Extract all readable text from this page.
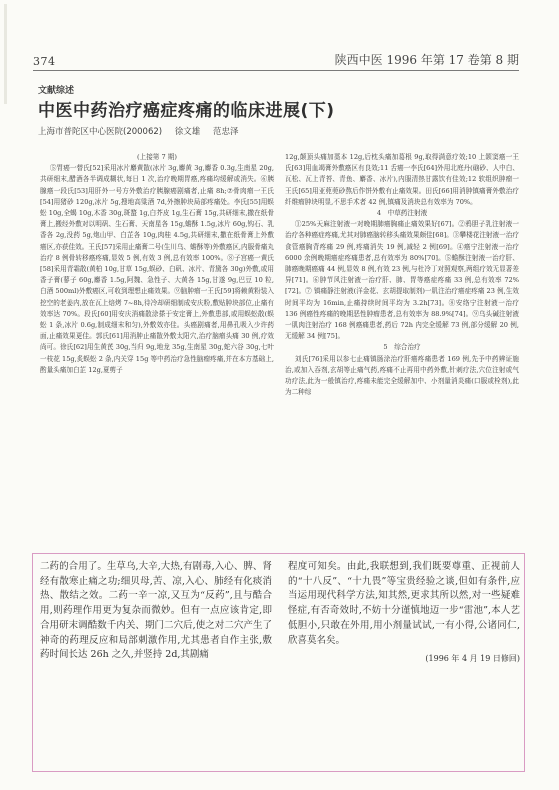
374	陕西中医 1996 年第 17 卷第 8 期
文献综述
中医中药治疗癌症疼痛的临床进展(下)
上海市普陀区中心医院(200062) 徐文雄 范忠泽

(上接第 7 期)

⑤胃癌一替氏[52]采用冰片麝黄散(冰片 3g,麝黄 3g,麝香 0.3g,生南星 20g,共研细末,醋酒各半调成糊状,每日 1 次,治疗晚期胃癌,疼痛均缓解或消失。⑥胰腺癌一段氏[53]用肝外一号方外敷治疗胰腺癌剧痛者,止痛 8h;⑦骨肉瘤一王氏[54]用猪砂 120g,冰片 5g,搜地高粱酒 7d,外擦肿块局部疼痛处。李氏[55]用蜈蚣 10g,全蝎 10g,木香 30g,斑蝥 1g,白芥皮 1g,生石膏 15g,共研细末,撒在纸骨膏上,搬经外敷对以明矾、生石膏、天南星各 15g,蟾酥 1.5g,冰片 60g,钩石、乳香各 2g,没药 5g,炮山甲、白芷各 10g,肉桂 4.5g,共研细末,撒在纸骨膏上外敷癌区,亦获佳效。王氏[57]采用止痛膏二号(生川乌、蟾酥等)外敷癌区,内服骨痛丸治疗 8 例骨转移癌疼痛,显效 5 例,有效 3 例,总有效率 100%。⑧子宫癌一黄氏[58]采用青霜散(黄柏 10g,甘草 15g,蜈砂、白矾、冰片、青黛各 30g)外敷,或用香子膏(蓼子 60g,麝香 1.5g,阿魏、急性子、大黄各 15g,甘遂 9g,巴豆 10 粒,白酒 500ml)外敷癌区,可收到理想止痛效果。⑨脑肿瘤一王氏[59]将赖黄粉装入挖空的老姜内,放在瓦上焙烤 7~8h,待冷却研细制成安庆粉,敷贴肿块部位,止痛有效率达 70%。段氏[60]用安庆消痛散涂搽于安定膏上,外敷患部,或用蜈蚣散(蜈蚣 1 条,冰片 0.6g,制成细末和匀),外敷效亦佳。头癌剧痛者,用鼻孔吸入少许药面,止痛效果更佳。郭氏[61]用消肿止痛散外敷太阳穴,治疗脑瘤头痛 30 例,疗效尚可。徐氏[62]用生黄芪 30g,当归 9g,地龙 35g,生南星 30g,蛇六谷 30g,七叶一枝花 15g,炙蜈蚣 2 条,内关穿 15g 等中药治疗急性脑瘤疼痛,并在本方基础上,酌量头痛加白芷 12g,夏剪子

12g,颠顶头痛加藁本 12g,后枕头痛加葛根 9g,取得满意疗效;10 上颌窦癌一王氏[63]用血竭膏外敷癌区有良效;11 舌癌一李氏[64]外用北庭丹(硇砂、人中白、瓦松、瓦上青苔、青鱼、麝香、冰片),内服清热甘露饮有佳效;12 软组织肿瘤一王氏[65]用亚蔸蔸砂熬后作饼外敷有止痛效果。田氏[66]用消肿镇痛膏外敷治疗纤维瘤肿块明显,不思手术者 42 例,镇痛及消块总有效率为 70%。

4　中草药注射液

①25%天麻注射液一对晚期肺癌胸痛止痛效果好[67]。②鸦胆子乳注射液一治疗各种癌症疼痛,尤其对肺癌脑转移头痛效果颇佳[68]。③攀楼花注射液一治疗食管癌胸背疼痛 29 例,疼痛消失 19 例,减轻 2 例[69]。④癌宁注射液一治疗 6000 余例晚期癌症疼痛患者,总有效率为 80%[70]。⑤蟾酥注射液一治疗肝、肺癌晚期癌痛 44 例,显效 8 例,有效 23 例,与杜冷丁对照观察,两组疗效无显著差异[71]。⑥肿节风注射液一治疗肝、肺、胃等癌症疼痛 33 例,总有效率 72%[72]。⑦ 镇痛静注射液(洋金花、玄胡提取制剂)一肌注治疗癌症疼痛 23 例,生效时间平均为 16min,止痛持续时间平均为 3.2h[73]。⑧安络宁注射液一治疗 136 例癌性疼痛的晚期恶性肿瘤患者,总有效率为 88.9%[74]。⑨乌头碱注射液一肌肉注射治疗 168 例癌痛患者,药后 72h 内完全缓解 73 例,部分缓解 20 例,无缓解 34 例[75]。

5　综合治疗

刘氏[76]采用以参七止痛镇肠涂治疗肝癌疼痛患者 169 例,先予中药辨证施治,或加入吞剂,玄胡等止痛气药,疼痛不止再用中药外敷,针刺疗法,穴位注射或气功疗法,此为一般镇治疗,疼痛未能完全缓解加中、小剂量消炎痛(口服或栓剂),此为二种综

二药的合用了。生草乌,大辛,大热,有剧毒,入心、脾、肾经有散寒止痛之功;细贝母,苦、凉,入心、肺经有化痰消热、散结之效。二药一辛一凉,又互为“反药”,且与酷合用,则药理作用更为复杂而微妙。但有一点应该肯定,即合用研末调酷数千内关、期门二穴后,使之对二穴产生了神奇的药理反应和局部刺激作用,尤其患者自作主张,敷药时间长达 26h 之久,并竖持 2d,其剧痛

程度可知矣。由此,我联想到,我们既要尊重、正视前人的“十八反”、“十九畏”等宝贵经验之谈,但如有条件,应当运用现代科学方法,知其然,更求其所以然,对一些疑难怪症,有否奇效时,不妨十分谨慎地迈一步“雷池”,本人艺低胆小,只敢在外用,用小剂量试试,一有小得,公诸同仁,欣喜莫名矣。

(1996 年 4 月 19 日修回)
